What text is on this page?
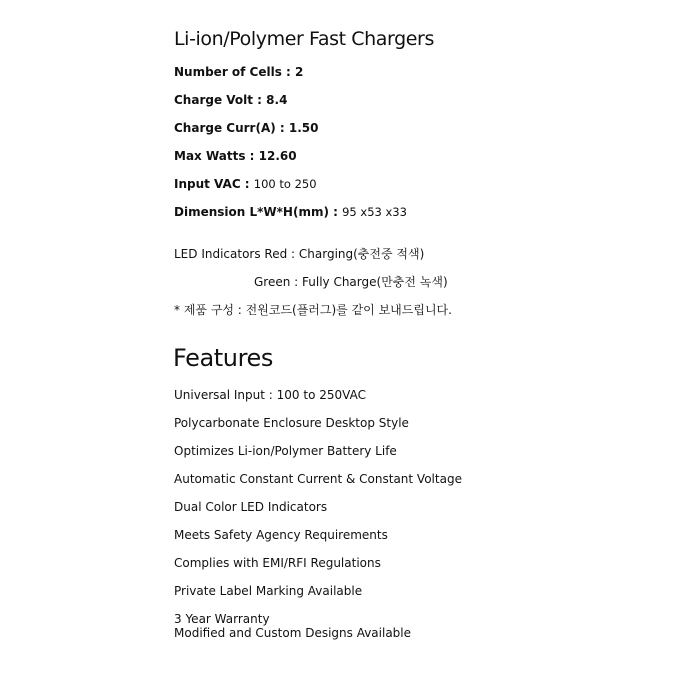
Li-ion/Polymer Fast Chargers
Number of Cells : 2
Charge Volt : 8.4
Charge Curr(A) : 1.50
Max Watts : 12.60
Input VAC : 100 to 250
Dimension L*W*H(mm) : 95 x53 x33
LED Indicators Red : Charging(충전중 적색)
Green : Fully Charge(만충전 녹색)
* 제품 구성 : 전원코드(플러그)를 같이 보내드립니다.
Features
Universal Input : 100 to 250VAC
Polycarbonate Enclosure Desktop Style
Optimizes Li-ion/Polymer Battery Life
Automatic Constant Current & Constant Voltage
Dual Color LED Indicators
Meets Safety Agency Requirements
Complies with EMI/RFI Regulations
Private Label Marking Available
3 Year Warranty
Modified and Custom Designs Available
